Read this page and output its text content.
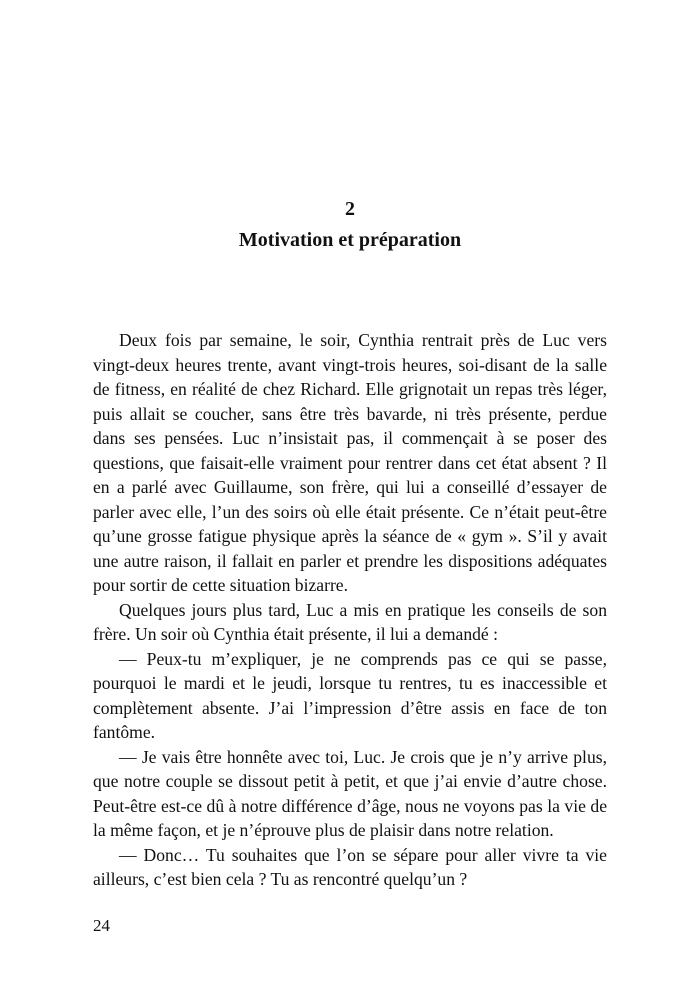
2
Motivation et préparation

Deux fois par semaine, le soir, Cynthia rentrait près de Luc vers vingt-deux heures trente, avant vingt-trois heures, soi-disant de la salle de fitness, en réalité de chez Richard. Elle grignotait un repas très léger, puis allait se coucher, sans être très bavarde, ni très présente, perdue dans ses pensées. Luc n’insistait pas, il commençait à se poser des questions, que faisait-elle vraiment pour rentrer dans cet état absent ? Il en a parlé avec Guillaume, son frère, qui lui a conseillé d’essayer de parler avec elle, l’un des soirs où elle était présente. Ce n’était peut-être qu’une grosse fatigue physique après la séance de « gym ». S’il y avait une autre raison, il fallait en parler et prendre les dispositions adéquates pour sortir de cette situation bizarre.

Quelques jours plus tard, Luc a mis en pratique les conseils de son frère. Un soir où Cynthia était présente, il lui a demandé :

— Peux-tu m’expliquer, je ne comprends pas ce qui se passe, pourquoi le mardi et le jeudi, lorsque tu rentres, tu es inaccessible et complètement absente. J’ai l’impression d’être assis en face de ton fantôme.

— Je vais être honnête avec toi, Luc. Je crois que je n’y arrive plus, que notre couple se dissout petit à petit, et que j’ai envie d’autre chose. Peut-être est-ce dû à notre différence d’âge, nous ne voyons pas la vie de la même façon, et je n’éprouve plus de plaisir dans notre relation.

— Donc… Tu souhaites que l’on se sépare pour aller vivre ta vie ailleurs, c’est bien cela ? Tu as rencontré quelqu’un ?

24
